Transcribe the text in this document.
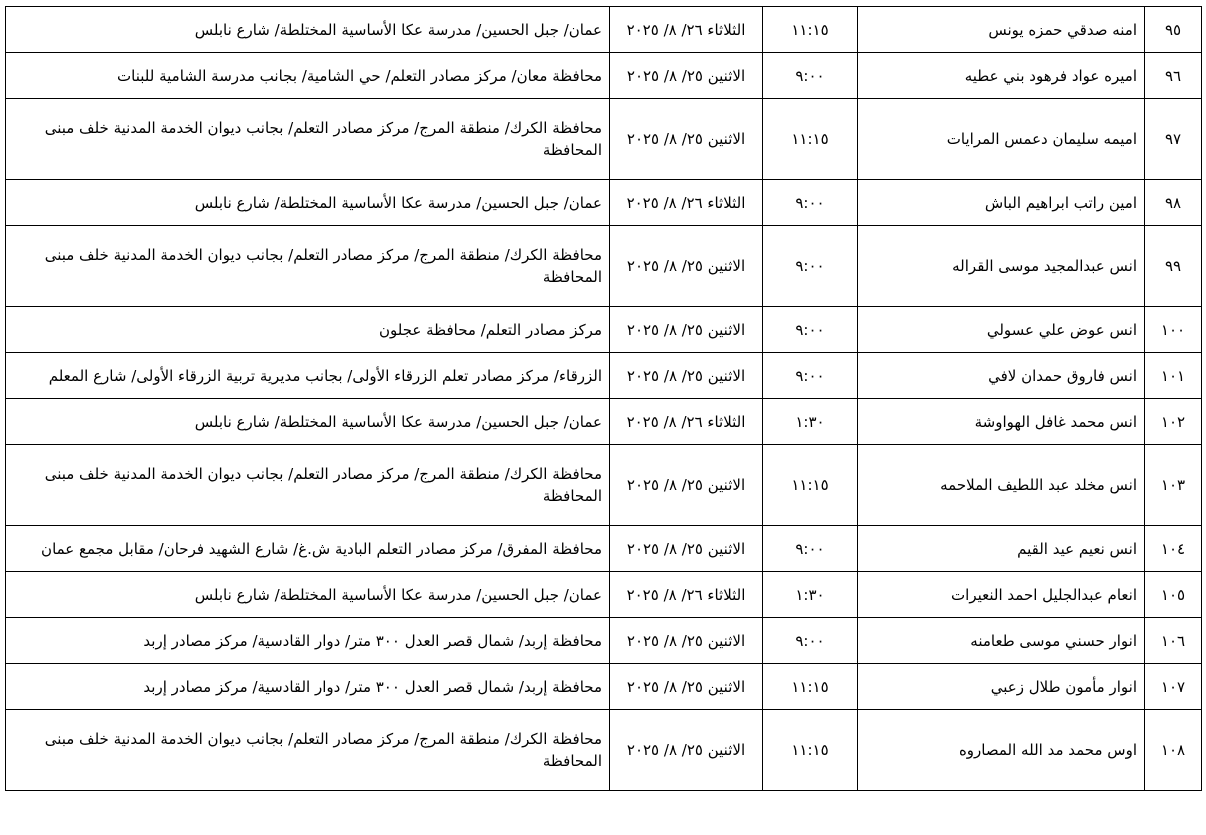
٩٥	امنه صدقي حمزه يونس	١١:١٥	الثلاثاء ٢٦/ ٨/ ٢٠٢٥	عمان/ جبل الحسين/ مدرسة عكا الأساسية المختلطة/ شارع نابلس
٩٦	اميره عواد فرهود بني عطيه	٩:٠٠	الاثنين ٢٥/ ٨/ ٢٠٢٥	محافظة معان/ مركز مصادر التعلم/ حي الشامية/ بجانب مدرسة الشامية للبنات
٩٧	اميمه سليمان دعمس المرايات	١١:١٥	الاثنين ٢٥/ ٨/ ٢٠٢٥	محافظة الكرك/ منطقة المرج/ مركز مصادر التعلم/ بجانب ديوان الخدمة المدنية خلف مبنى المحافظة
٩٨	امين راتب ابراهيم الباش	٩:٠٠	الثلاثاء ٢٦/ ٨/ ٢٠٢٥	عمان/ جبل الحسين/ مدرسة عكا الأساسية المختلطة/ شارع نابلس
٩٩	انس عبدالمجيد موسى القراله	٩:٠٠	الاثنين ٢٥/ ٨/ ٢٠٢٥	محافظة الكرك/ منطقة المرج/ مركز مصادر التعلم/ بجانب ديوان الخدمة المدنية خلف مبنى المحافظة
١٠٠	انس عوض علي عسولي	٩:٠٠	الاثنين ٢٥/ ٨/ ٢٠٢٥	مركز مصادر التعلم/ محافظة عجلون
١٠١	انس فاروق حمدان لافي	٩:٠٠	الاثنين ٢٥/ ٨/ ٢٠٢٥	الزرقاء/ مركز مصادر تعلم الزرقاء الأولى/ بجانب مديرية تربية الزرقاء الأولى/ شارع المعلم
١٠٢	انس محمد غافل الهواوشة	١:٣٠	الثلاثاء ٢٦/ ٨/ ٢٠٢٥	عمان/ جبل الحسين/ مدرسة عكا الأساسية المختلطة/ شارع نابلس
١٠٣	انس مخلد عبد اللطيف الملاحمه	١١:١٥	الاثنين ٢٥/ ٨/ ٢٠٢٥	محافظة الكرك/ منطقة المرج/ مركز مصادر التعلم/ بجانب ديوان الخدمة المدنية خلف مبنى المحافظة
١٠٤	انس نعيم عيد القيم	٩:٠٠	الاثنين ٢٥/ ٨/ ٢٠٢٥	محافظة المفرق/ مركز مصادر التعلم البادية ش.غ/ شارع الشهيد فرحان/ مقابل مجمع عمان
١٠٥	انعام عبدالجليل احمد النعيرات	١:٣٠	الثلاثاء ٢٦/ ٨/ ٢٠٢٥	عمان/ جبل الحسين/ مدرسة عكا الأساسية المختلطة/ شارع نابلس
١٠٦	انوار حسني موسى طعامنه	٩:٠٠	الاثنين ٢٥/ ٨/ ٢٠٢٥	محافظة إربد/ شمال قصر العدل ٣٠٠ متر/ دوار القادسية/ مركز مصادر إربد
١٠٧	انوار مأمون طلال زعبي	١١:١٥	الاثنين ٢٥/ ٨/ ٢٠٢٥	محافظة إربد/ شمال قصر العدل ٣٠٠ متر/ دوار القادسية/ مركز مصادر إربد
١٠٨	اوس محمد مد الله المصاروه	١١:١٥	الاثنين ٢٥/ ٨/ ٢٠٢٥	محافظة الكرك/ منطقة المرج/ مركز مصادر التعلم/ بجانب ديوان الخدمة المدنية خلف مبنى المحافظة
